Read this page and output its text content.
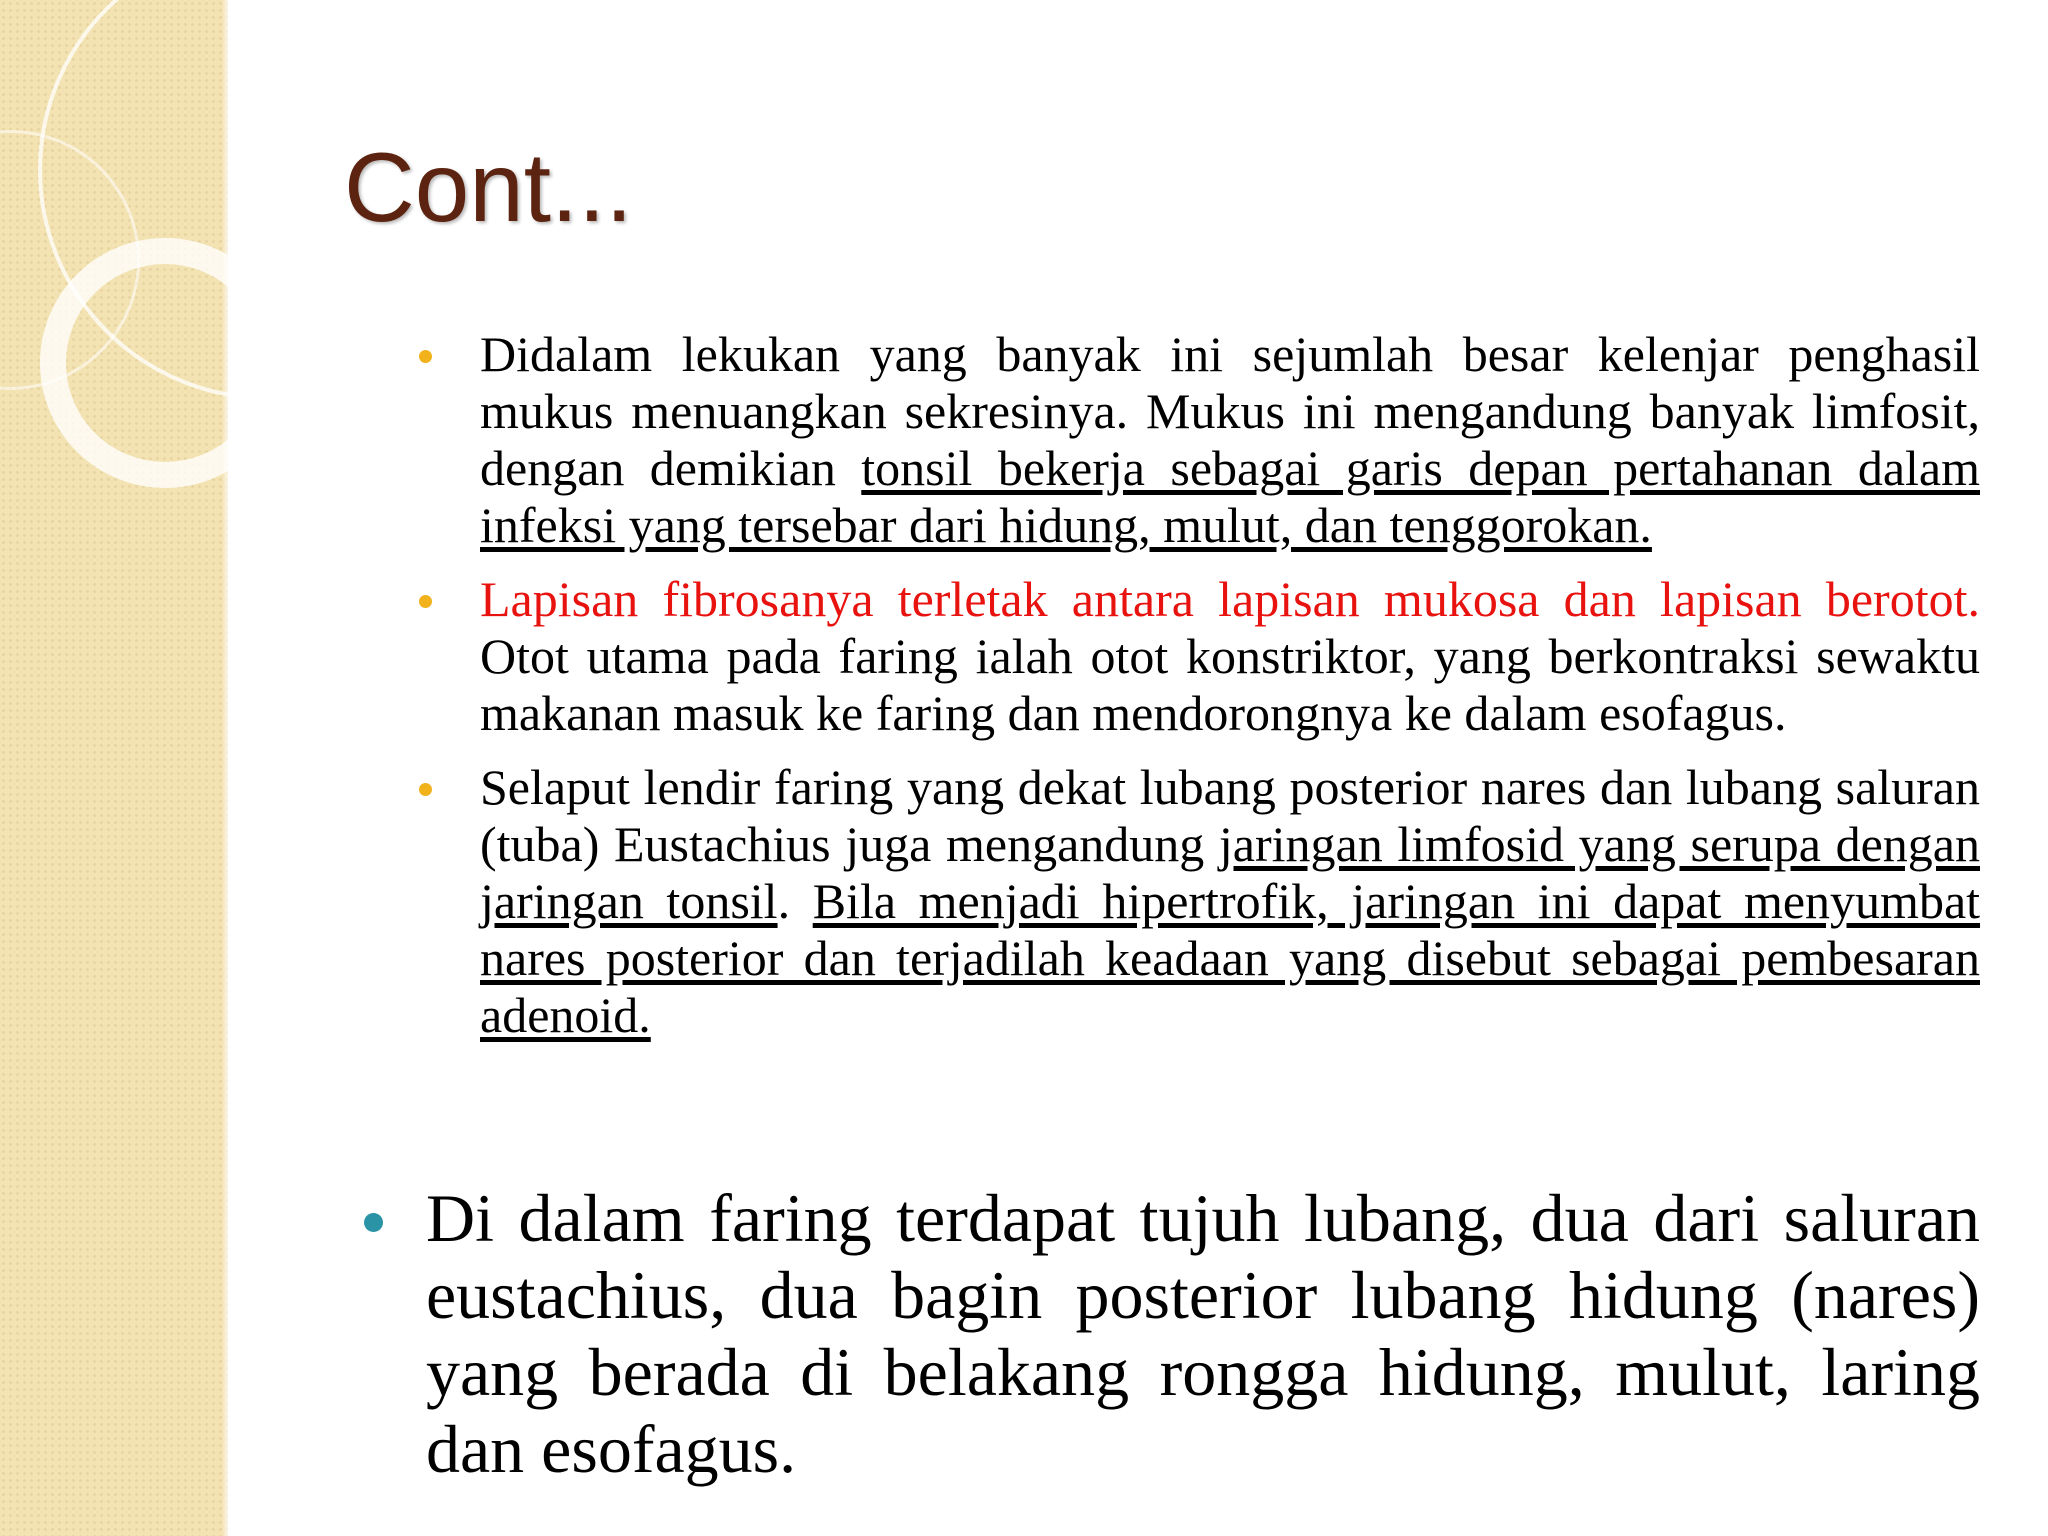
Cont...
Didalam lekukan yang banyak ini sejumlah besar kelenjar penghasil mukus menuangkan sekresinya. Mukus ini mengandung banyak limfosit, dengan demikian tonsil bekerja sebagai garis depan pertahanan dalam infeksi yang tersebar dari hidung, mulut, dan tenggorokan.
Lapisan fibrosanya terletak antara lapisan mukosa dan lapisan berotot. Otot utama pada faring ialah otot konstriktor, yang berkontraksi sewaktu makanan masuk ke faring dan mendorongnya ke dalam esofagus.
Selaput lendir faring yang dekat lubang posterior nares dan lubang saluran (tuba) Eustachius juga mengandung jaringan limfosid yang serupa dengan jaringan tonsil. Bila menjadi hipertrofik, jaringan ini dapat menyumbat nares posterior dan terjadilah keadaan yang disebut sebagai pembesaran adenoid.
Di dalam faring terdapat tujuh lubang, dua dari saluran eustachius, dua bagin posterior lubang hidung (nares) yang berada di belakang rongga hidung, mulut, laring dan esofagus.
